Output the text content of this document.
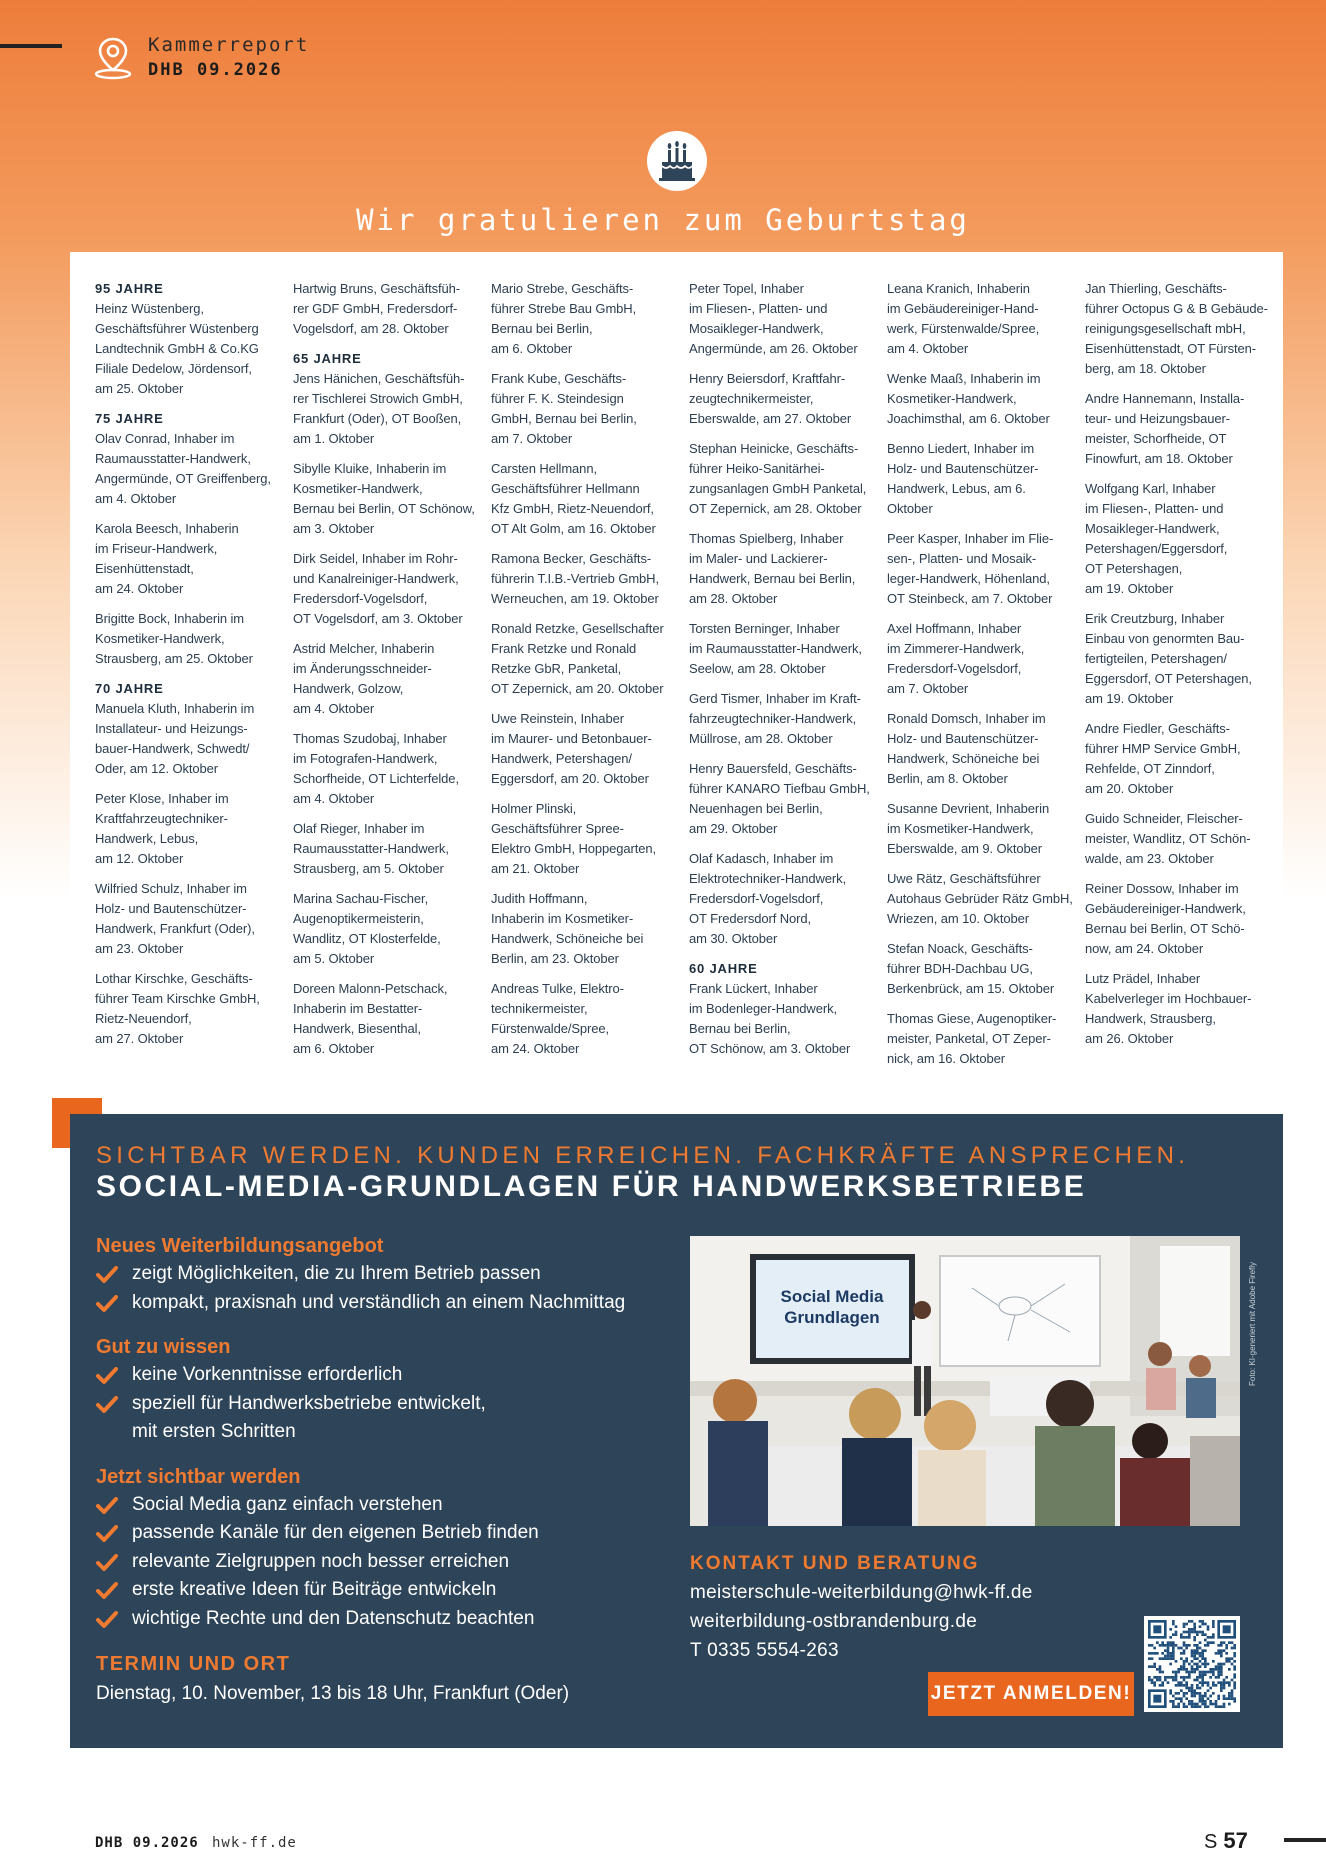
Kammerreport
DHB 09.2026
Wir gratulieren zum Geburtstag
95 JAHRE
Heinz Wüstenberg,
Geschäftsführer Wüstenberg
Landtechnik GmbH & Co.KG
Filiale Dedelow, Jördensorf,
am 25. Oktober
75 JAHRE
Olav Conrad, Inhaber im
Raumausstatter-Handwerk,
Angermünde, OT Greiffenberg,
am 4. Oktober
Karola Beesch, Inhaberin
im Friseur-Handwerk,
Eisenhüttenstadt,
am 24. Oktober
Brigitte Bock, Inhaberin im
Kosmetiker-Handwerk,
Strausberg, am 25. Oktober
70 JAHRE
Manuela Kluth, Inhaberin im
Installateur- und Heizungs-
bauer-Handwerk, Schwedt/
Oder, am 12. Oktober
Peter Klose, Inhaber im
Kraftfahrzeugtechniker-
Handwerk, Lebus,
am 12. Oktober
Wilfried Schulz, Inhaber im
Holz- und Bautenschützer-
Handwerk, Frankfurt (Oder),
am 23. Oktober
Lothar Kirschke, Geschäfts-
führer Team Kirschke GmbH,
Rietz-Neuendorf,
am 27. Oktober
Hartwig Bruns, Geschäftsfüh-
rer GDF GmbH, Fredersdorf-
Vogelsdorf, am 28. Oktober
65 JAHRE
Jens Hänichen, Geschäftsfüh-
rer Tischlerei Strowich GmbH,
Frankfurt (Oder), OT Booßen,
am 1. Oktober
Sibylle Kluike, Inhaberin im
Kosmetiker-Handwerk,
Bernau bei Berlin, OT Schönow,
am 3. Oktober
Dirk Seidel, Inhaber im Rohr-
und Kanalreiniger-Handwerk,
Fredersdorf-Vogelsdorf,
OT Vogelsdorf, am 3. Oktober
Astrid Melcher, Inhaberin
im Änderungsschneider-
Handwerk, Golzow,
am 4. Oktober
Thomas Szudobaj, Inhaber
im Fotografen-Handwerk,
Schorfheide, OT Lichterfelde,
am 4. Oktober
Olaf Rieger, Inhaber im
Raumausstatter-Handwerk,
Strausberg, am 5. Oktober
Marina Sachau-Fischer,
Augenoptikermeisterin,
Wandlitz, OT Klosterfelde,
am 5. Oktober
Doreen Malonn-Petschack,
Inhaberin im Bestatter-
Handwerk, Biesenthal,
am 6. Oktober
Mario Strebe, Geschäfts-
führer Strebe Bau GmbH,
Bernau bei Berlin,
am 6. Oktober
Frank Kube, Geschäfts-
führer F. K. Steindesign
GmbH, Bernau bei Berlin,
am 7. Oktober
Carsten Hellmann,
Geschäftsführer Hellmann
Kfz GmbH, Rietz-Neuendorf,
OT Alt Golm, am 16. Oktober
Ramona Becker, Geschäfts-
führerin T.I.B.-Vertrieb GmbH,
Werneuchen, am 19. Oktober
Ronald Retzke, Gesellschafter
Frank Retzke und Ronald
Retzke GbR, Panketal,
OT Zepernick, am 20. Oktober
Uwe Reinstein, Inhaber
im Maurer- und Betonbauer-
Handwerk, Petershagen/
Eggersdorf, am 20. Oktober
Holmer Plinski,
Geschäftsführer Spree-
Elektro GmbH, Hoppegarten,
am 21. Oktober
Judith Hoffmann,
Inhaberin im Kosmetiker-
Handwerk, Schöneiche bei
Berlin, am 23. Oktober
Andreas Tulke, Elektro-
technikermeister,
Fürstenwalde/Spree,
am 24. Oktober
Peter Topel, Inhaber
im Fliesen-, Platten- und
Mosaikleger-Handwerk,
Angermünde, am 26. Oktober
Henry Beiersdorf, Kraftfahr-
zeugtechnikermeister,
Eberswalde, am 27. Oktober
Stephan Heinicke, Geschäfts-
führer Heiko-Sanitärhei-
zungsanlagen GmbH Panketal,
OT Zepernick, am 28. Oktober
Thomas Spielberg, Inhaber
im Maler- und Lackierer-
Handwerk, Bernau bei Berlin,
am 28. Oktober
Torsten Berninger, Inhaber
im Raumausstatter-Handwerk,
Seelow, am 28. Oktober
Gerd Tismer, Inhaber im Kraft-
fahrzeugtechniker-Handwerk,
Müllrose, am 28. Oktober
Henry Bauersfeld, Geschäfts-
führer KANARO Tiefbau GmbH,
Neuenhagen bei Berlin,
am 29. Oktober
Olaf Kadasch, Inhaber im
Elektrotechniker-Handwerk,
Fredersdorf-Vogelsdorf,
OT Fredersdorf Nord,
am 30. Oktober
60 JAHRE
Frank Lückert, Inhaber
im Bodenleger-Handwerk,
Bernau bei Berlin,
OT Schönow, am 3. Oktober
Leana Kranich, Inhaberin
im Gebäudereiniger-Hand-
werk, Fürstenwalde/Spree,
am 4. Oktober
Wenke Maaß, Inhaberin im
Kosmetiker-Handwerk,
Joachimsthal, am 6. Oktober
Benno Liedert, Inhaber im
Holz- und Bautenschützer-
Handwerk, Lebus, am 6. Oktober
Peer Kasper, Inhaber im Flie-
sen-, Platten- und Mosaik-
leger-Handwerk, Höhenland,
OT Steinbeck, am 7. Oktober
Axel Hoffmann, Inhaber
im Zimmerer-Handwerk,
Fredersdorf-Vogelsdorf,
am 7. Oktober
Ronald Domsch, Inhaber im
Holz- und Bautenschützer-
Handwerk, Schöneiche bei
Berlin, am 8. Oktober
Susanne Devrient, Inhaberin
im Kosmetiker-Handwerk,
Eberswalde, am 9. Oktober
Uwe Rätz, Geschäftsführer
Autohaus Gebrüder Rätz GmbH,
Wriezen, am 10. Oktober
Stefan Noack, Geschäfts-
führer BDH-Dachbau UG,
Berkenbrück, am 15. Oktober
Thomas Giese, Augenoptiker-
meister, Panketal, OT Zeper-
nick, am 16. Oktober
Jan Thierling, Geschäfts-
führer Octopus G & B Gebäude-
reinigungsgesellschaft mbH,
Eisenhüttenstadt, OT Fürsten-
berg, am 18. Oktober
Andre Hannemann, Installa-
teur- und Heizungsbauer-
meister, Schorfheide, OT
Finowfurt, am 18. Oktober
Wolfgang Karl, Inhaber
im Fliesen-, Platten- und
Mosaikleger-Handwerk,
Petershagen/Eggersdorf,
OT Petershagen,
am 19. Oktober
Erik Creutzburg, Inhaber
Einbau von genormten Bau-
fertigteilen, Petershagen/
Eggersdorf, OT Petershagen,
am 19. Oktober
Andre Fiedler, Geschäfts-
führer HMP Service GmbH,
Rehfelde, OT Zinndorf,
am 20. Oktober
Guido Schneider, Fleischer-
meister, Wandlitz, OT Schön-
walde, am 23. Oktober
Reiner Dossow, Inhaber im
Gebäudereiniger-Handwerk,
Bernau bei Berlin, OT Schö-
now, am 24. Oktober
Lutz Prädel, Inhaber
Kabelverleger im Hochbauer-
Handwerk, Strausberg,
am 26. Oktober
SICHTBAR WERDEN. KUNDEN ERREICHEN. FACHKRÄFTE ANSPRECHEN.
SOCIAL-MEDIA-GRUNDLAGEN FÜR HANDWERKSBETRIEBE
Neues Weiterbildungsangebot
zeigt Möglichkeiten, die zu Ihrem Betrieb passen
kompakt, praxisnah und verständlich an einem Nachmittag
Gut zu wissen
keine Vorkenntnisse erforderlich
speziell für Handwerksbetriebe entwickelt,
mit ersten Schritten
Jetzt sichtbar werden
Social Media ganz einfach verstehen
passende Kanäle für den eigenen Betrieb finden
relevante Zielgruppen noch besser erreichen
erste kreative Ideen für Beiträge entwickeln
wichtige Rechte und den Datenschutz beachten
TERMIN UND ORT
Dienstag, 10. November, 13 bis 18 Uhr, Frankfurt (Oder)
Social Media
Grundlagen	Foto: KI-generiert mit Adobe Firefly
KONTAKT UND BERATUNG
meisterschule-weiterbildung@hwk-ff.de
weiterbildung-ostbrandenburg.de
T 0335 5554-263
JETZT ANMELDEN!
DHB 09.2026 hwk-ff.de	S 57
